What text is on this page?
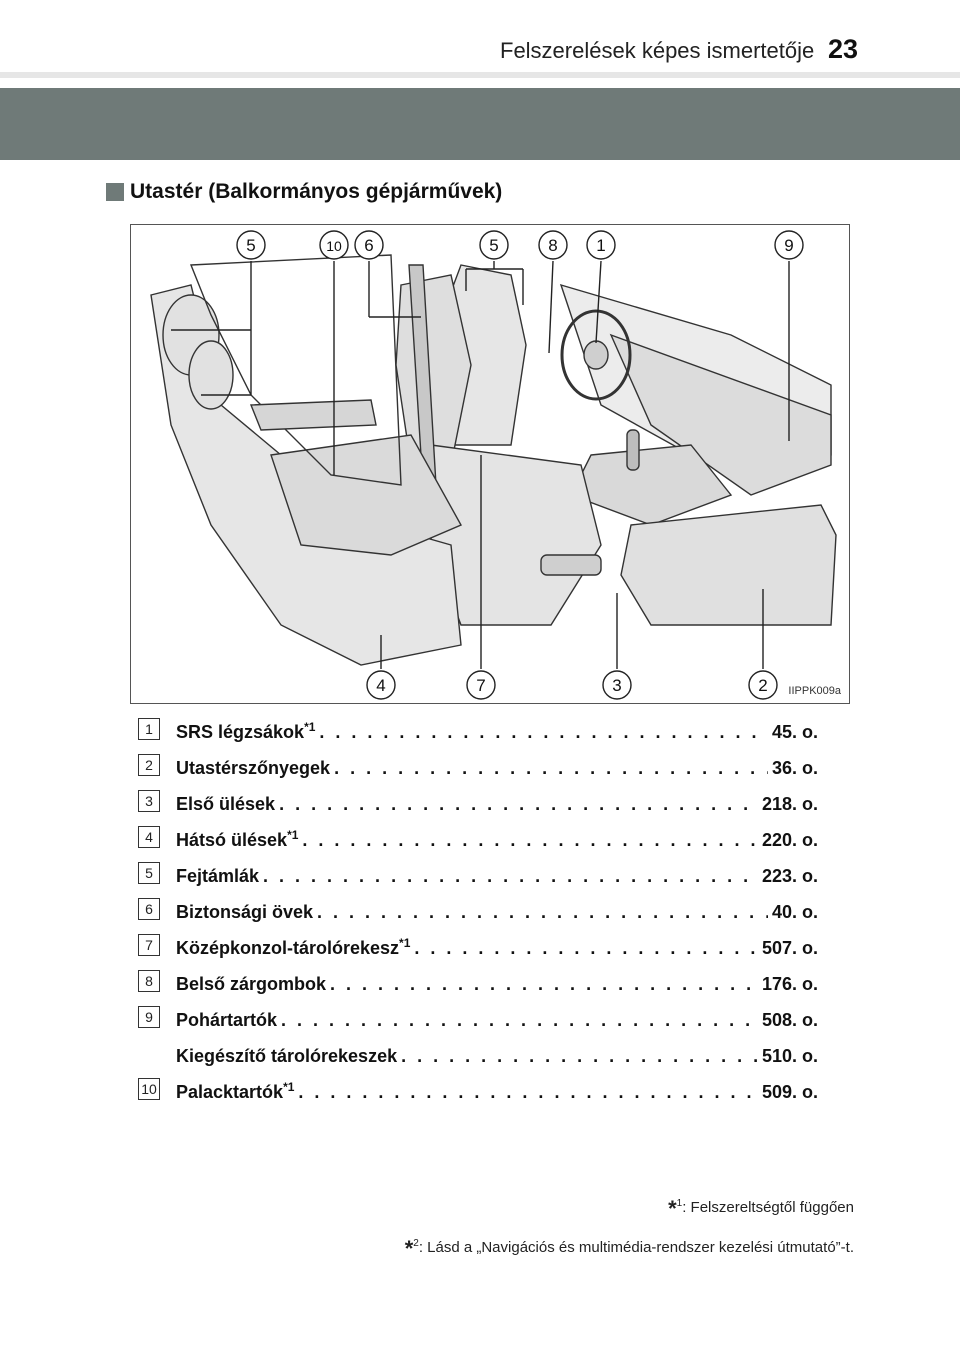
Felszerelések képes ismertetője 23
Utastér (Balkormányos gépjárművek)
5	10 6	5	8 1	9
4	7	3	2 IIPPK009a
1	SRS légzsákok$^{*1}$ . . .	45. o.
2	Utastérszőnyegek . . .	36. o.
3	Első ülések . . .	218. o.
4	Hátsó ülések$^{*1}$ . . .	220. o.
5	Fejtámlák . . .	223. o.
6	Biztonsági övek . . .	40. o.
7	Középkonzol-tárolórekesz$^{*1}$ . . .	507. o.
8	Belső zárgombok . . .	176. o.
9	Pohártartók . . .	508. o.
Kiegészítő tárolórekeszek . . .	510. o.
10 Palacktartók$^{*1}$ . . .	509. o.
*$^1$: Felszereltségtől függően
*$^2$: Lásd a „Navigációs és multimédia-rendszer kezelési útmutató”-t.
